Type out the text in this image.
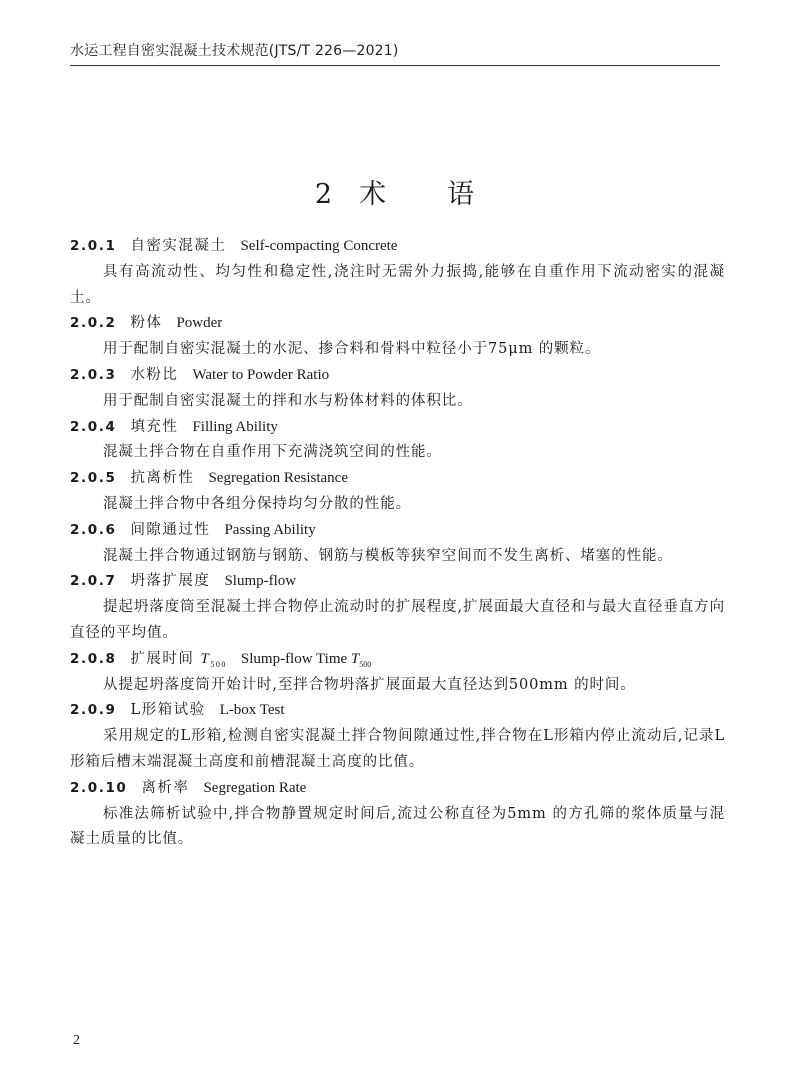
水运工程自密实混凝土技术规范(JTS/T 226—2021)
2 术 语
2.0.1 自密实混凝土 Self-compacting Concrete

具有高流动性、均匀性和稳定性,浇注时无需外力振捣,能够在自重作用下流动密实的混凝土。

2.0.2 粉体 Powder

用于配制自密实混凝土的水泥、掺合料和骨料中粒径小于75μm 的颗粒。

2.0.3 水粉比 Water to Powder Ratio

用于配制自密实混凝土的拌和水与粉体材料的体积比。

2.0.4 填充性 Filling Ability

混凝土拌合物在自重作用下充满浇筑空间的性能。

2.0.5 抗离析性 Segregation Resistance

混凝土拌合物中各组分保持均匀分散的性能。

2.0.6 间隙通过性 Passing Ability

混凝土拌合物通过钢筋与钢筋、钢筋与模板等狭窄空间而不发生离析、堵塞的性能。

2.0.7 坍落扩展度 Slump-flow

提起坍落度筒至混凝土拌合物停止流动时的扩展程度,扩展面最大直径和与最大直径垂直方向直径的平均值。

2.0.8 扩展时间 $T_{500}$ Slump-flow Time $T_{500}$

从提起坍落度筒开始计时,至拌合物坍落扩展面最大直径达到500mm 的时间。

2.0.9 L形箱试验 L-box Test

采用规定的L形箱,检测自密实混凝土拌合物间隙通过性,拌合物在L形箱内停止流动后,记录L形箱后槽末端混凝土高度和前槽混凝土高度的比值。

2.0.10 离析率 Segregation Rate

标准法筛析试验中,拌合物静置规定时间后,流过公称直径为5mm 的方孔筛的浆体质量与混凝土质量的比值。

2
